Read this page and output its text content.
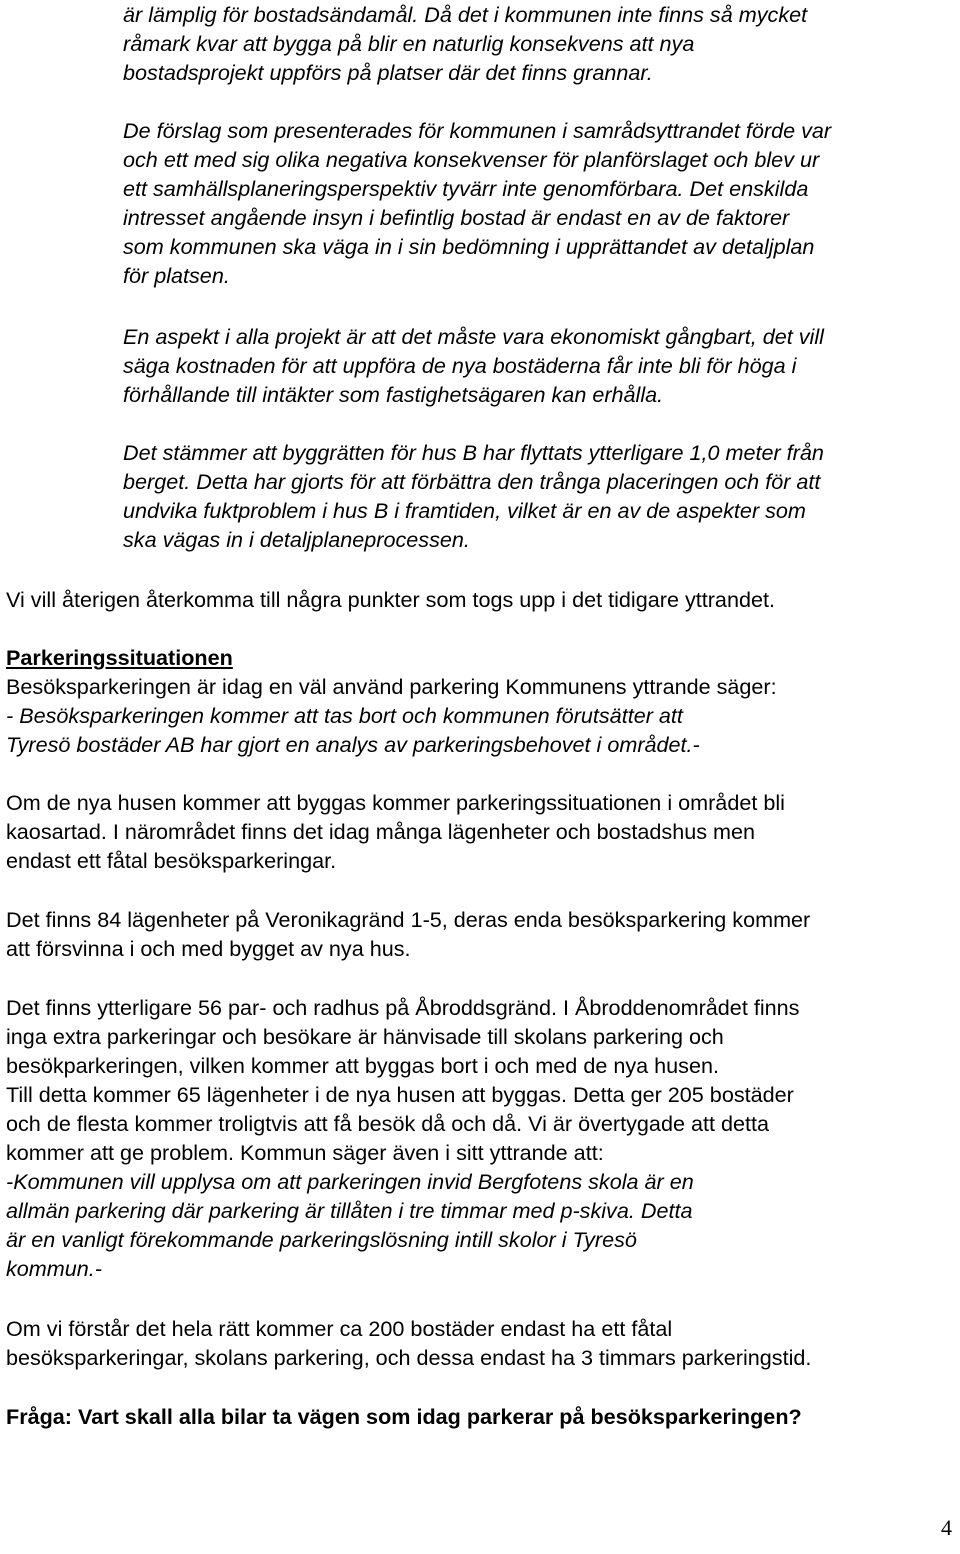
är lämplig för bostadsändamål. Då det i kommunen inte finns så mycket

råmark kvar att bygga på blir en naturlig konsekvens att nya

bostadsprojekt uppförs på platser där det finns grannar.

De förslag som presenterades för kommunen i samrådsyttrandet förde var

och ett med sig olika negativa konsekvenser för planförslaget och blev ur

ett samhällsplaneringsperspektiv tyvärr inte genomförbara. Det enskilda

intresset angående insyn i befintlig bostad är endast en av de faktorer

som kommunen ska väga in i sin bedömning i upprättandet av detaljplan

för platsen.

En aspekt i alla projekt är att det måste vara ekonomiskt gångbart, det vill

säga kostnaden för att uppföra de nya bostäderna får inte bli för höga i

förhållande till intäkter som fastighetsägaren kan erhålla.

Det stämmer att byggrätten för hus B har flyttats ytterligare 1,0 meter från

berget. Detta har gjorts för att förbättra den trånga placeringen och för att

undvika fuktproblem i hus B i framtiden, vilket är en av de aspekter som

ska vägas in i detaljplaneprocessen.

Vi vill återigen återkomma till några punkter som togs upp i det tidigare yttrandet.

Parkeringssituationen

Besöksparkeringen är idag en väl använd parkering Kommunens yttrande säger:

- Besöksparkeringen kommer att tas bort och kommunen förutsätter att

Tyresö bostäder AB har gjort en analys av parkeringsbehovet i området.-

Om de nya husen kommer att byggas kommer parkeringssituationen i området bli

kaosartad. I närområdet finns det idag många lägenheter och bostadshus men

endast ett fåtal besöksparkeringar.

Det finns 84 lägenheter på Veronikagränd 1-5, deras enda besöksparkering kommer

att försvinna i och med bygget av nya hus.

Det finns ytterligare 56 par- och radhus på Åbroddsgränd. I Åbroddenområdet finns

inga extra parkeringar och besökare är hänvisade till skolans parkering och

besökparkeringen, vilken kommer att byggas bort i och med de nya husen.

Till detta kommer 65 lägenheter i de nya husen att byggas. Detta ger 205 bostäder

och de flesta kommer troligtvis att få besök då och då. Vi är övertygade att detta

kommer att ge problem. Kommun säger även i sitt yttrande att:

-Kommunen vill upplysa om att parkeringen invid Bergfotens skola är en

allmän parkering där parkering är tillåten i tre timmar med p-skiva. Detta

är en vanligt förekommande parkeringslösning intill skolor i Tyresö

kommun.-

Om vi förstår det hela rätt kommer ca 200 bostäder endast ha ett fåtal

besöksparkeringar, skolans parkering, och dessa endast ha 3 timmars parkeringstid.

Fråga: Vart skall alla bilar ta vägen som idag parkerar på besöksparkeringen?

4
